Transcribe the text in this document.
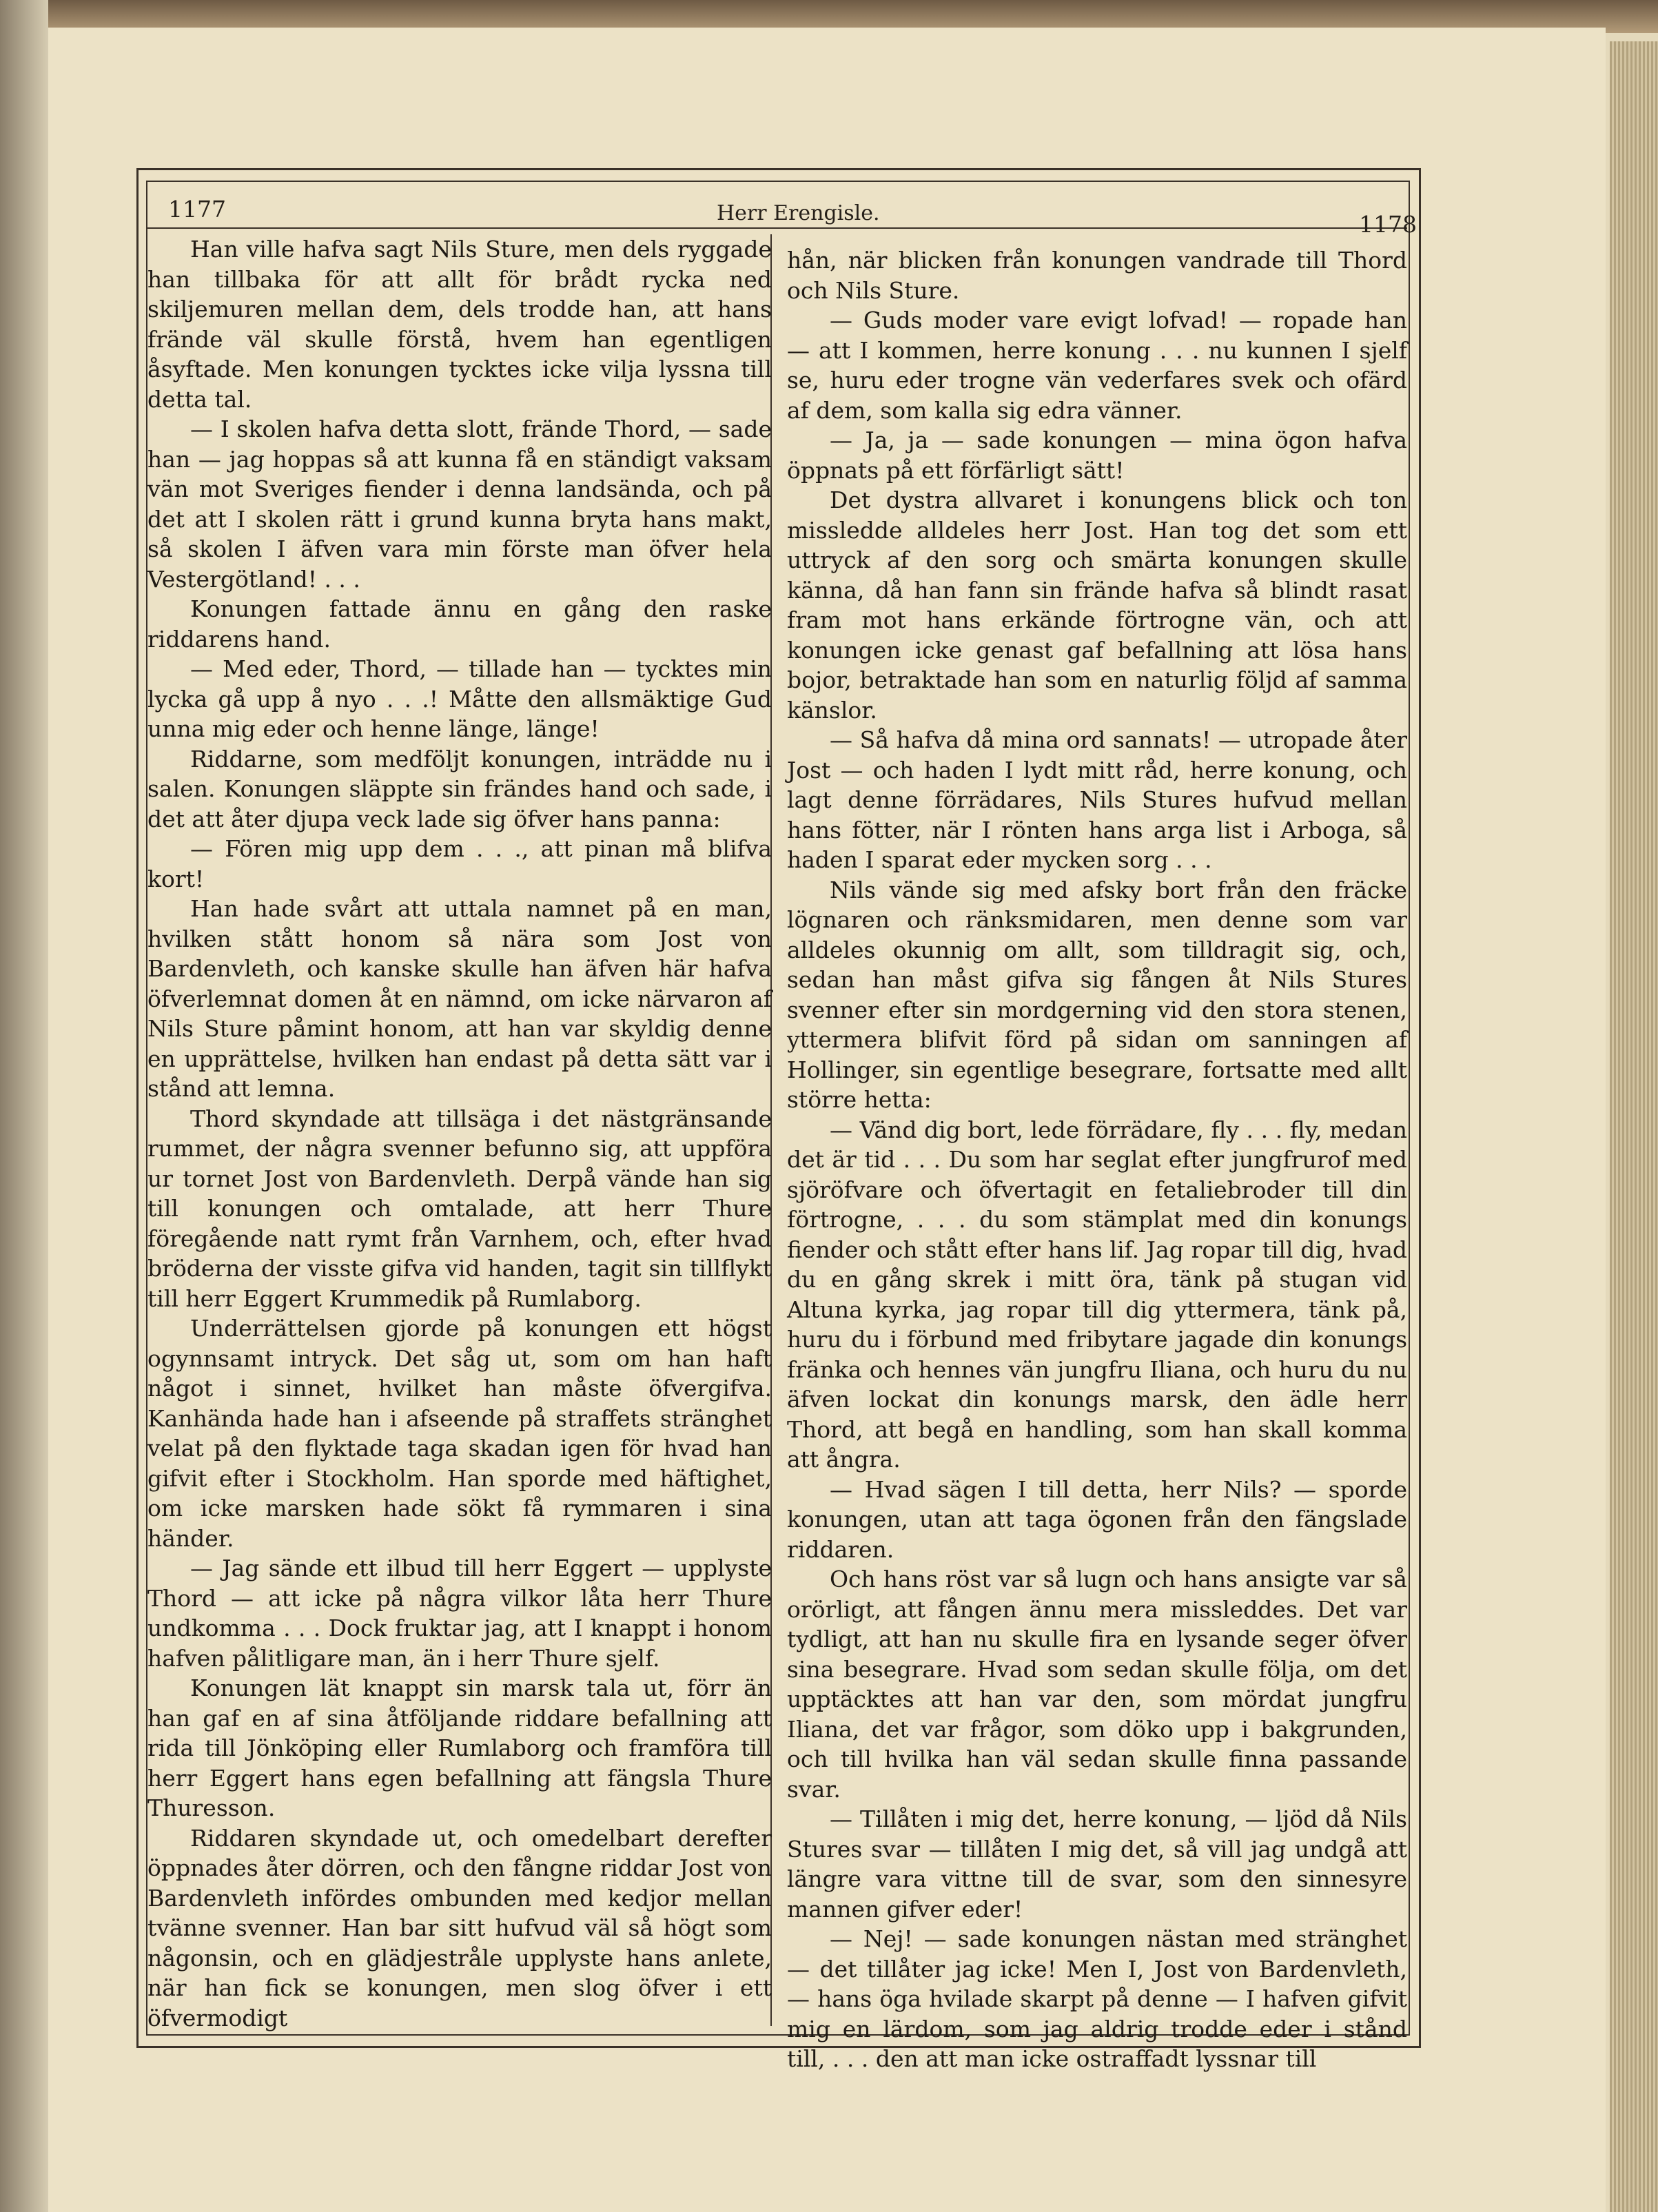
1177	Herr Erengisle.	1178

Han ville hafva sagt Nils Sture, men dels ryggade han tillbaka för att allt för brådt rycka ned skiljemuren mellan dem, dels trodde han, att hans frände väl skulle förstå, hvem han egentligen åsyftade. Men konungen tycktes icke vilja lyssna till detta tal.

— I skolen hafva detta slott, frände Thord, — sade han — jag hoppas så att kunna få en ständigt vaksam vän mot Sveriges fiender i denna landsända, och på det att I skolen rätt i grund kunna bryta hans makt, så skolen I äfven vara min förste man öfver hela Vestergötland! . . .

Konungen fattade ännu en gång den raske riddarens hand.

— Med eder, Thord, — tillade han — tycktes min lycka gå upp å nyo . . .! Måtte den allsmäktige Gud unna mig eder och henne länge, länge!

Riddarne, som medföljt konungen, inträdde nu i salen. Konungen släppte sin frändes hand och sade, i det att åter djupa veck lade sig öfver hans panna:

— Fören mig upp dem . . ., att pinan må blifva kort!

Han hade svårt att uttala namnet på en man, hvilken stått honom så nära som Jost von Bardenvleth, och kanske skulle han äfven här hafva öfverlemnat domen åt en nämnd, om icke närvaron af Nils Sture påmint honom, att han var skyldig denne en upprättelse, hvilken han endast på detta sätt var i stånd att lemna.

Thord skyndade att tillsäga i det nästgränsande rummet, der några svenner befunno sig, att uppföra ur tornet Jost von Bardenvleth. Derpå vände han sig till konungen och omtalade, att herr Thure föregående natt rymt från Varnhem, och, efter hvad bröderna der visste gifva vid handen, tagit sin tillflykt till herr Eggert Krummedik på Rumlaborg.

Underrättelsen gjorde på konungen ett högst ogynnsamt intryck. Det såg ut, som om han haft något i sinnet, hvilket han måste öfvergifva. Kanhända hade han i afseende på straffets stränghet velat på den flyktade taga skadan igen för hvad han gifvit efter i Stockholm. Han sporde med häftighet, om icke marsken hade sökt få rymmaren i sina händer.

— Jag sände ett ilbud till herr Eggert — upplyste Thord — att icke på några vilkor låta herr Thure undkomma . . . Dock fruktar jag, att I knappt i honom hafven pålitligare man, än i herr Thure sjelf.

Konungen lät knappt sin marsk tala ut, förr än han gaf en af sina åtföljande riddare befallning att rida till Jönköping eller Rumlaborg och framföra till herr Eggert hans egen befallning att fängsla Thure Thuresson.

Riddaren skyndade ut, och omedelbart derefter öppnades åter dörren, och den fångne riddar Jost von Bardenvleth infördes ombunden med kedjor mellan tvänne svenner. Han bar sitt hufvud väl så högt som någonsin, och en glädjestråle upplyste hans anlete, när han fick se konungen, men slog öfver i ett öfvermodigt

hån, när blicken från konungen vandrade till Thord och Nils Sture.

— Guds moder vare evigt lofvad! — ropade han — att I kommen, herre konung . . . nu kunnen I sjelf se, huru eder trogne vän vederfares svek och ofärd af dem, som kalla sig edra vänner.

— Ja, ja — sade konungen — mina ögon hafva öppnats på ett förfärligt sätt!

Det dystra allvaret i konungens blick och ton missledde alldeles herr Jost. Han tog det som ett uttryck af den sorg och smärta konungen skulle känna, då han fann sin frände hafva så blindt rasat fram mot hans erkände förtrogne vän, och att konungen icke genast gaf befallning att lösa hans bojor, betraktade han som en naturlig följd af samma känslor.

— Så hafva då mina ord sannats! — utropade åter Jost — och haden I lydt mitt råd, herre konung, och lagt denne förrädares, Nils Stures hufvud mellan hans fötter, när I rönten hans arga list i Arboga, så haden I sparat eder mycken sorg . . .

Nils vände sig med afsky bort från den fräcke lögnaren och ränksmidaren, men denne som var alldeles okunnig om allt, som tilldragit sig, och, sedan han måst gifva sig fången åt Nils Stures svenner efter sin mordgerning vid den stora stenen, yttermera blifvit förd på sidan om sanningen af Hollinger, sin egentlige besegrare, fortsatte med allt större hetta:

— Vänd dig bort, lede förrädare, fly . . . fly, medan det är tid . . . Du som har seglat efter jungfrurof med sjöröfvare och öfvertagit en fetaliebroder till din förtrogne, . . . du som stämplat med din konungs fiender och stått efter hans lif. Jag ropar till dig, hvad du en gång skrek i mitt öra, tänk på stugan vid Altuna kyrka, jag ropar till dig yttermera, tänk på, huru du i förbund med fribytare jagade din konungs fränka och hennes vän jungfru Iliana, och huru du nu äfven lockat din konungs marsk, den ädle herr Thord, att begå en handling, som han skall komma att ångra.

— Hvad sägen I till detta, herr Nils? — sporde konungen, utan att taga ögonen från den fängslade riddaren.

Och hans röst var så lugn och hans ansigte var så orörligt, att fången ännu mera missleddes. Det var tydligt, att han nu skulle fira en lysande seger öfver sina besegrare. Hvad som sedan skulle följa, om det upptäcktes att han var den, som mördat jungfru Iliana, det var frågor, som döko upp i bakgrunden, och till hvilka han väl sedan skulle finna passande svar.

— Tillåten i mig det, herre konung, — ljöd då Nils Stures svar — tillåten I mig det, så vill jag undgå att längre vara vittne till de svar, som den sinnesyre mannen gifver eder!

— Nej! — sade konungen nästan med stränghet — det tillåter jag icke! Men I, Jost von Bardenvleth, — hans öga hvilade skarpt på denne — I hafven gifvit mig en lärdom, som jag aldrig trodde eder i stånd till, . . . den att man icke ostraffadt lyssnar till
